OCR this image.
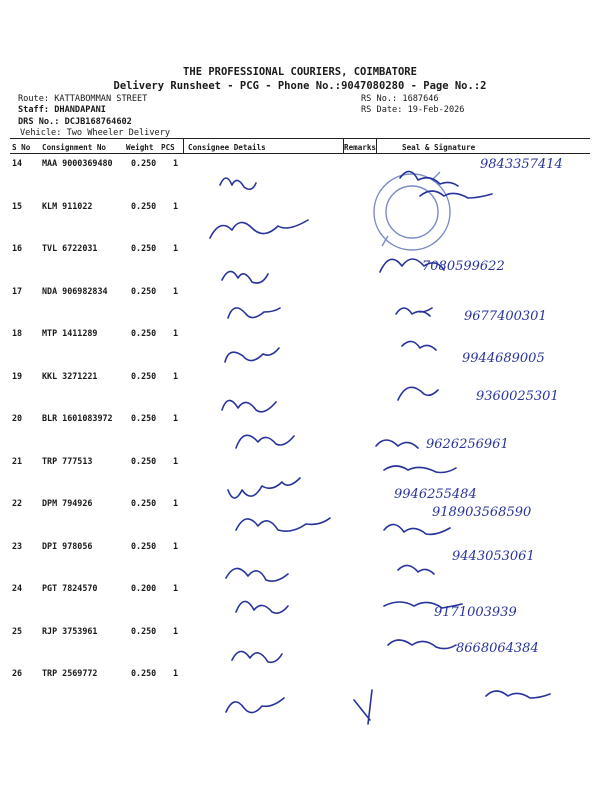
THE PROFESSIONAL COURIERS, COIMBATORE
Delivery Runsheet - PCG - Phone No.:9047080280 - Page No.:2
Route: KATTABOMMAN STREET
Staff: DHANDAPANI
DRS No.: DCJB168764602
Vehicle: Two Wheeler Delivery
RS No.: 1687646
RS Date: 19-Feb-2026
S No Consignment No	Weight PCS Consignee Details	Remarks	Seal & Signature
14 MAA 9000369480 0.250 1
15 KLM 911022	0.250 1
16 TVL 6722031	0.250 1
17 NDA 906982834	0.250 1
18 MTP 1411289	0.250 1
19 KKL 3271221	0.250 1
20 BLR 1601083972 0.250 1
21 TRP 777513	0.250 1
22 DPM 794926	0.250 1
23 DPI 978056	0.250 1
24 PGT 7824570	0.200 1
25 RJP 3753961	0.250 1
26 TRP 2569772	0.250 1
9843357414
7080599622
9677400301
9944689005
9360025301
9626256961
9946255484
918903568590
9443053061
9171003939
8668064384
